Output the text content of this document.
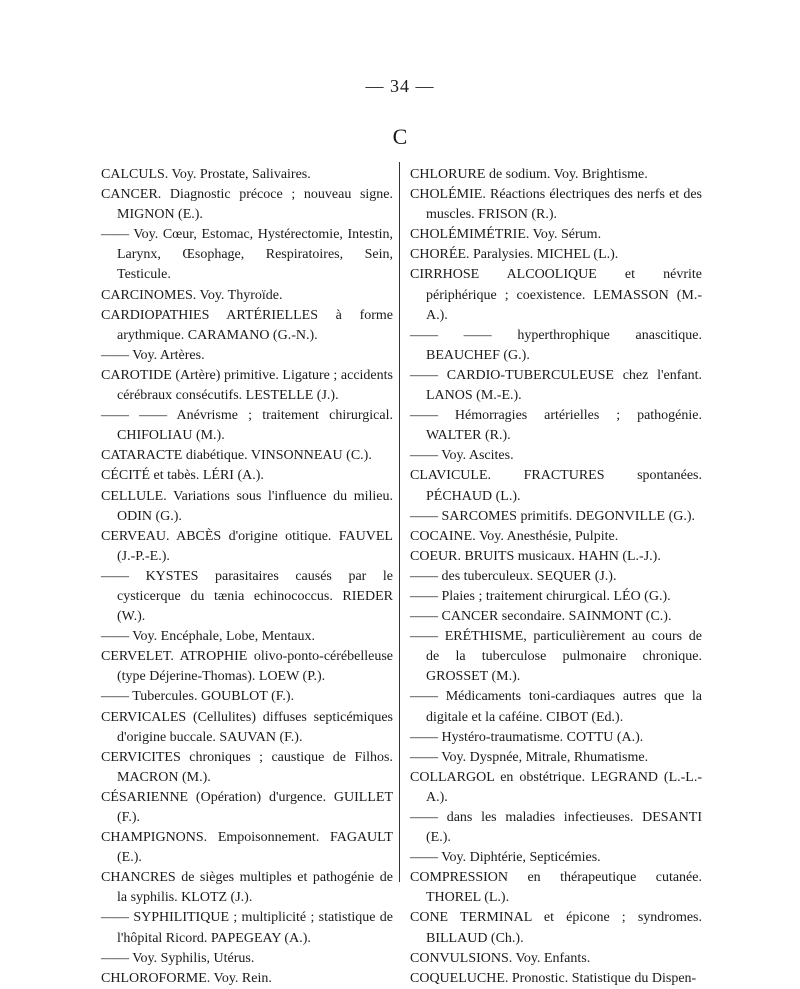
— 34 —
C
CALCULS. Voy. Prostate, Salivaires.
CANCER. Diagnostic précoce ; nouveau signe. MIGNON (E.).
—— Voy. Cœur, Estomac, Hystérectomie, Intestin, Larynx, Œsophage, Respiratoires, Sein, Testicule.
CARCINOMES. Voy. Thyroïde.
CARDIOPATHIES ARTÉRIELLES à forme arythmique. CARAMANO (G.-N.).
—— Voy. Artères.
CAROTIDE (Artère) primitive. Ligature ; accidents cérébraux consécutifs. LESTELLE (J.).
—— —— Anévrisme ; traitement chirurgical. CHIFOLIAU (M.).
CATARACTE diabétique. VINSONNEAU (C.).
CÉCITÉ et tabès. LÉRI (A.).
CELLULE. Variations sous l'influence du milieu. ODIN (G.).
CERVEAU. ABCÈS d'origine otitique. FAUVEL (J.-P.-E.).
—— KYSTES parasitaires causés par le cysticerque du tænia echinococcus. RIEDER (W.).
—— Voy. Encéphale, Lobe, Mentaux.
CERVELET. ATROPHIE olivo-ponto-cérébelleuse (type Déjerine-Thomas). LOEW (P.).
—— Tubercules. GOUBLOT (F.).
CERVICALES (Cellulites) diffuses septicémiques d'origine buccale. SAUVAN (F.).
CERVICITES chroniques ; caustique de Filhos. MACRON (M.).
CÉSARIENNE (Opération) d'urgence. GUILLET (F.).
CHAMPIGNONS. Empoisonnement. FAGAULT (E.).
CHANCRES de sièges multiples et pathogénie de la syphilis. KLOTZ (J.).
—— SYPHILITIQUE ; multiplicité ; statistique de l'hôpital Ricord. PAPEGEAY (A.).
—— Voy. Syphilis, Utérus.
CHLOROFORME. Voy. Rein.
CHLORURE de sodium. Voy. Brightisme.
CHOLÉMIE. Réactions électriques des nerfs et des muscles. FRISON (R.).
CHOLÉMIMÉTRIE. Voy. Sérum.
CHORÉE. Paralysies. MICHEL (L.).
CIRRHOSE ALCOOLIQUE et névrite périphérique ; coexistence. LEMASSON (M.-A.).
—— —— hyperthrophique anascitique. BEAUCHEF (G.).
—— CARDIO-TUBERCULEUSE chez l'enfant. LANOS (M.-E.).
—— Hémorragies artérielles ; pathogénie. WALTER (R.).
—— Voy. Ascites.
CLAVICULE. FRACTURES spontanées. PÉCHAUD (L.).
—— SARCOMES primitifs. DEGONVILLE (G.).
COCAINE. Voy. Anesthésie, Pulpite.
COEUR. BRUITS musicaux. HAHN (L.-J.).
—— des tuberculeux. SEQUER (J.).
—— Plaies ; traitement chirurgical. LÉO (G.).
—— CANCER secondaire. SAINMONT (C.).
—— ERÉTHISME, particulièrement au cours de de la tuberculose pulmonaire chronique. GROSSET (M.).
—— Médicaments toni-cardiaques autres que la digitale et la caféine. CIBOT (Ed.).
—— Hystéro-traumatisme. COTTU (A.).
—— Voy. Dyspnée, Mitrale, Rhumatisme.
COLLARGOL en obstétrique. LEGRAND (L.-L.-A.).
—— dans les maladies infectieuses. DESANTI (E.).
—— Voy. Diphtérie, Septicémies.
COMPRESSION en thérapeutique cutanée. THOREL (L.).
CONE TERMINAL et épicone ; syndromes. BILLAUD (Ch.).
CONVULSIONS. Voy. Enfants.
COQUELUCHE. Pronostic. Statistique du Dispen-
